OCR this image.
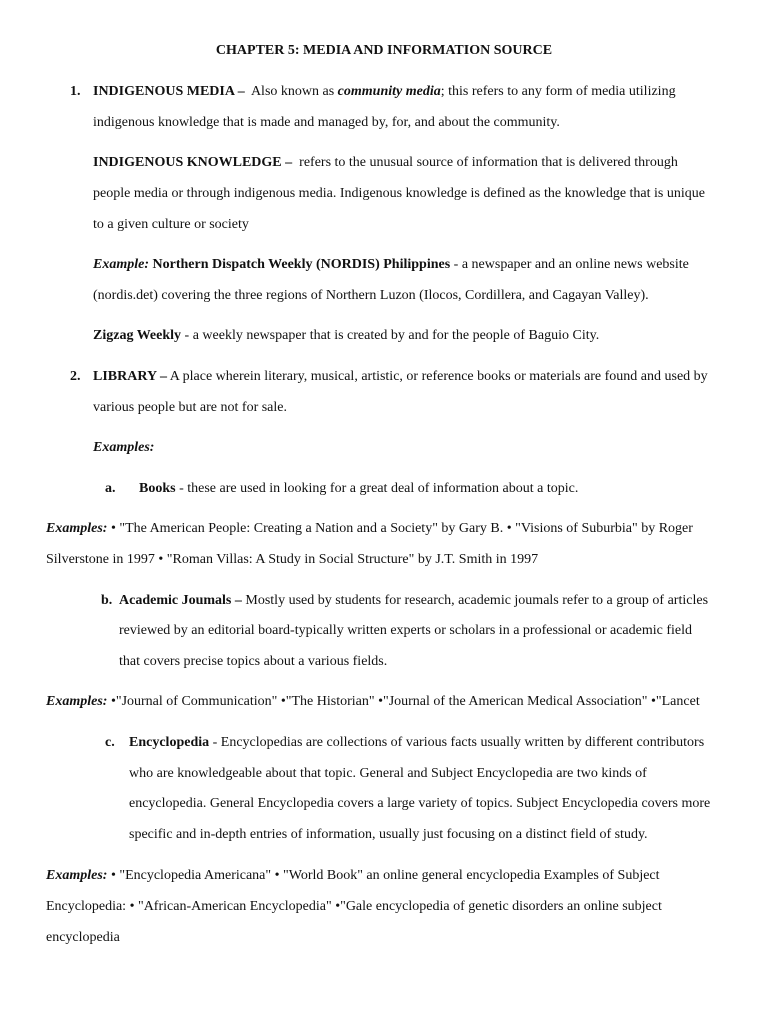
CHAPTER 5: MEDIA AND INFORMATION SOURCE
1. INDIGENOUS MEDIA – Also known as community media; this refers to any form of media utilizing
indigenous knowledge that is made and managed by, for, and about the community.
INDIGENOUS KNOWLEDGE – refers to the unusual source of information that is delivered through
people media or through indigenous media. Indigenous knowledge is defined as the knowledge that is unique
to a given culture or society
Example: Northern Dispatch Weekly (NORDIS) Philippines - a newspaper and an online news website
(nordis.det) covering the three regions of Northern Luzon (Ilocos, Cordillera, and Cagayan Valley).
Zigzag Weekly - a weekly newspaper that is created by and for the people of Baguio City.
2. LIBRARY – A place wherein literary, musical, artistic, or reference books or materials are found and used by
various people but are not for sale.
Examples:
a. Books - these are used in looking for a great deal of information about a topic.
Examples: • "The American People: Creating a Nation and a Society" by Gary B. • "Visions of Suburbia" by Roger
Silverstone in 1997 • "Roman Villas: A Study in Social Structure" by J.T. Smith in 1997
b. Academic Joumals – Mostly used by students for research, academic joumals refer to a group of articles
reviewed by an editorial board-typically written experts or scholars in a professional or academic field
that covers precise topics about a various fields.
Examples: •"Journal of Communication" •"The Historian" •"Journal of the American Medical Association" •"Lancet
c. Encyclopedia - Encyclopedias are collections of various facts usually written by different contributors
who are knowledgeable about that topic. General and Subject Encyclopedia are two kinds of
encyclopedia. General Encyclopedia covers a large variety of topics. Subject Encyclopedia covers more
specific and in-depth entries of information, usually just focusing on a distinct field of study.
Examples: • "Encyclopedia Americana" • "World Book" an online general encyclopedia Examples of Subject
Encyclopedia: • "African-American Encyclopedia" •"Gale encyclopedia of genetic disorders an online subject
encyclopedia
